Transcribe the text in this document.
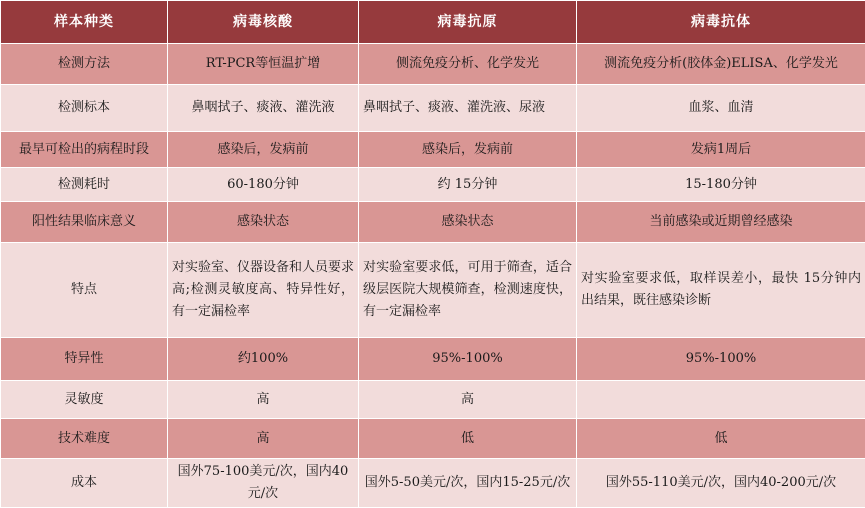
样本种类	病毒核酸	病毒抗原	病毒抗体
检测方法	RT-PCR等恒温扩增	侧流免疫分析、化学发光	测流免疫分析(胶体金)ELISA、化学发光
检测标本	鼻咽拭子、痰液、灌洗液	鼻咽拭子、痰液、灌洗液、尿液	血浆、血清
最早可检出的病程时段	感染后，发病前	感染后，发病前	发病1周后
检测耗时	60-180分钟	约 15分钟	15-180分钟
阳性结果临床意义	感染状态	感染状态	当前感染或近期曾经感染
特点	对实验室、仪器设备和人员要求高;检测灵敏度高、特异性好，有一定漏检率	对实验室要求低，可用于筛查，适合级层医院大规模筛查，检测速度快，有一定漏检率	对实验室要求低，取样误差小，最快 15分钟内出结果，既往感染诊断
特异性	约100%	95%-100%	95%-100%
灵敏度	高	高	
技术难度	高	低	低
成本	国外75-100美元/次，国内40元/次	国外5-50美元/次，国内15-25元/次	国外55-110美元/次，国内40-200元/次
